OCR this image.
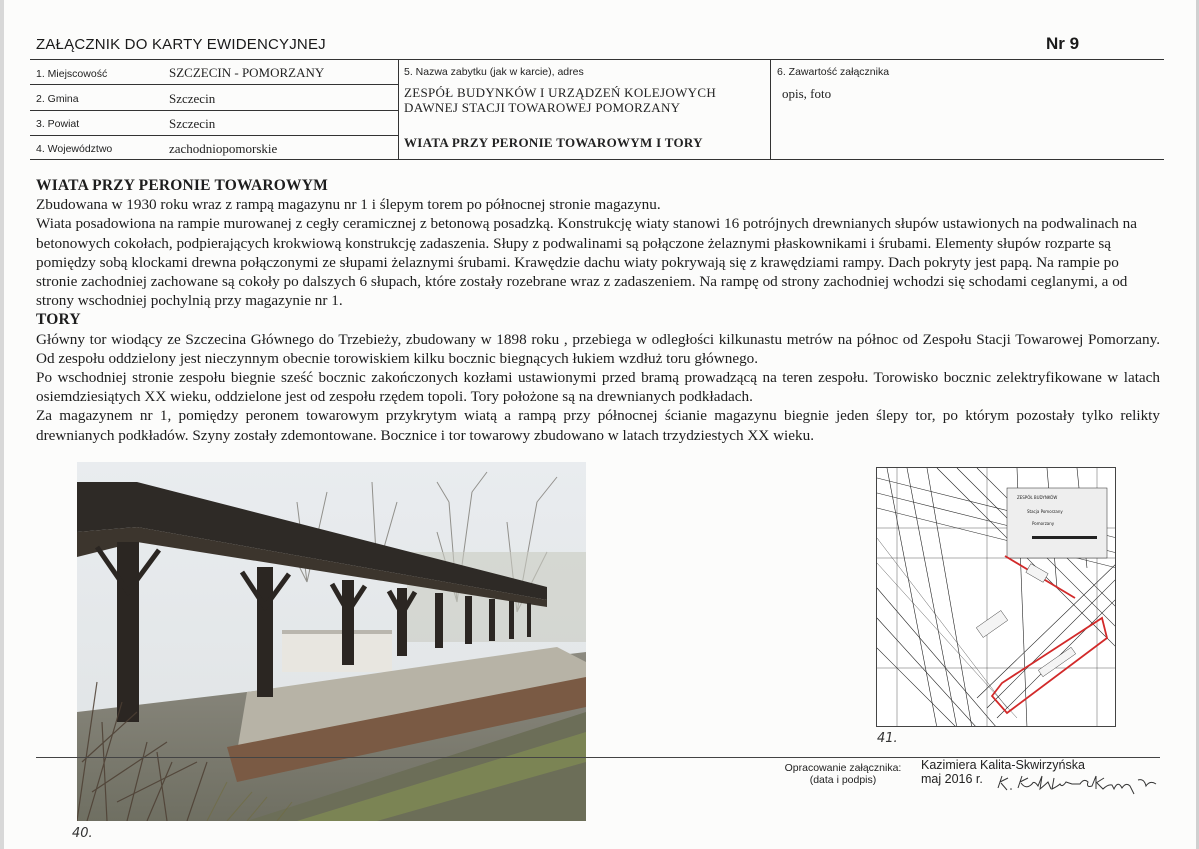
ZAŁĄCZNIK DO KARTY EWIDENCYJNEJ	Nr 9
1. Miejscowość	SZCZECIN - POMORZANY
2. Gmina	Szczecin
3. Powiat	Szczecin
4. Województwo	zachodniopomorskie
5. Nazwa zabytku (jak w karcie), adres
ZESPÓŁ BUDYNKÓW I URZĄDZEŃ KOLEJOWYCH
DAWNEJ STACJI TOWAROWEJ POMORZANY
WIATA PRZY PERONIE TOWAROWYM I TORY
6. Zawartość załącznika
opis, foto

WIATA PRZY PERONIE TOWAROWYM

Zbudowana w 1930 roku wraz z rampą magazynu nr 1 i ślepym torem po północnej stronie magazynu.

Wiata posadowiona na rampie murowanej z cegły ceramicznej z betonową posadzką. Konstrukcję wiaty stanowi 16 potrójnych drewnianych słupów ustawionych na podwalinach na betonowych cokołach, podpierających krokwiową konstrukcję zadaszenia. Słupy z podwalinami są połączone żelaznymi płaskownikami i śrubami. Elementy słupów rozparte są pomiędzy sobą klockami drewna połączonymi ze słupami żelaznymi śrubami. Krawędzie dachu wiaty pokrywają się z krawędziami rampy. Dach pokryty jest papą. Na rampie po stronie zachodniej zachowane są cokoły po dalszych 6 słupach, które zostały rozebrane wraz z zadaszeniem. Na rampę od strony zachodniej wchodzi się schodami ceglanymi, a od strony wschodniej pochylnią przy magazynie nr 1.

TORY

Główny tor wiodący ze Szczecina Głównego do Trzebieży, zbudowany w 1898 roku , przebiega w odległości kilkunastu metrów na północ od Zespołu Stacji Towarowej Pomorzany. Od zespołu oddzielony jest nieczynnym obecnie torowiskiem kilku bocznic biegnących łukiem wzdłuż toru głównego.

Po wschodniej stronie zespołu biegnie sześć bocznic zakończonych kozłami ustawionymi przed bramą prowadzącą na teren zespołu. Torowisko bocznic zelektryfikowane w latach osiemdziesiątych XX wieku, oddzielone jest od zespołu rzędem topoli. Tory położone są na drewnianych podkładach.

Za magazynem nr 1, pomiędzy peronem towarowym przykrytym wiatą a rampą przy północnej ścianie magazynu biegnie jeden ślepy tor, po którym pozostały tylko relikty drewnianych podkładów. Szyny zostały zdemontowane. Bocznice i tor towarowy zbudowano w latach trzydziestych XX wieku.

40.
ZESPÓŁ BUDYNKÓW
Stacja Pomorzany
Pomorzany
41.
Opracowanie załącznika:
(data i podpis)
Kazimiera Kalita-Skwirzyńska
maj 2016 r.
